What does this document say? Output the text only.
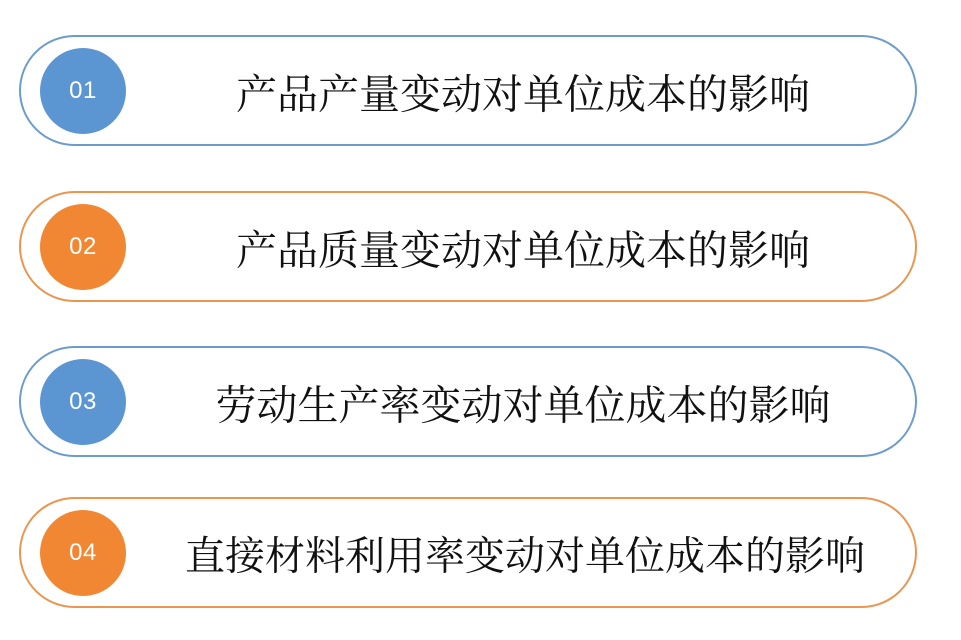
01	产品产量变动对单位成本的影响
02	产品质量变动对单位成本的影响
03	劳动生产率变动对单位成本的影响
04	直接材料利用率变动对单位成本的影响
